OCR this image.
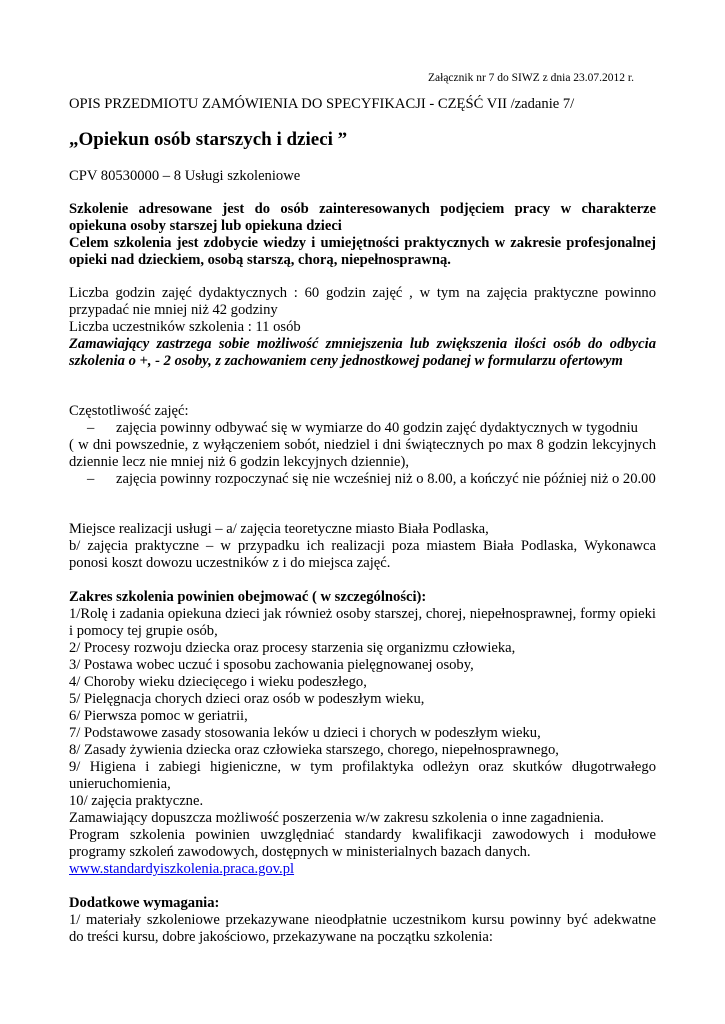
Załącznik nr 7 do SIWZ z dnia 23.07.2012 r.
OPIS PRZEDMIOTU ZAMÓWIENIA DO SPECYFIKACJI - CZĘŚĆ VII /zadanie 7/
„Opiekun osób starszych i dzieci ”
CPV 80530000 – 8 Usługi szkoleniowe
Szkolenie adresowane jest do osób zainteresowanych podjęciem pracy w charakterze
opiekuna osoby starszej lub opiekuna dzieci
Celem szkolenia jest zdobycie wiedzy i umiejętności praktycznych w zakresie profesjonalnej
opieki nad dzieckiem, osobą starszą, chorą, niepełnosprawną.
Liczba godzin zajęć dydaktycznych : 60 godzin zajęć , w tym na zajęcia praktyczne powinno
przypadać nie mniej niż 42 godziny
Liczba uczestników szkolenia : 11 osób
Zamawiający zastrzega sobie możliwość zmniejszenia lub zwiększenia ilości osób do odbycia
szkolenia o +, - 2 osoby, z zachowaniem ceny jednostkowej podanej w formularzu ofertowym
Częstotliwość zajęć:
– zajęcia powinny odbywać się w wymiarze do 40 godzin zajęć dydaktycznych w tygodniu
( w dni powszednie, z wyłączeniem sobót, niedziel i dni świątecznych po max 8 godzin lekcyjnych
dziennie lecz nie mniej niż 6 godzin lekcyjnych dziennie),
– zajęcia powinny rozpoczynać się nie wcześniej niż o 8.00, a kończyć nie później niż o 20.00
Miejsce realizacji usługi – a/ zajęcia teoretyczne miasto Biała Podlaska,
b/ zajęcia praktyczne – w przypadku ich realizacji poza miastem Biała Podlaska, Wykonawca
ponosi koszt dowozu uczestników z i do miejsca zajęć.
Zakres szkolenia powinien obejmować ( w szczególności):
1/Rolę i zadania opiekuna dzieci jak również osoby starszej, chorej, niepełnosprawnej, formy opieki
i pomocy tej grupie osób,
2/ Procesy rozwoju dziecka oraz procesy starzenia się organizmu człowieka,
3/ Postawa wobec uczuć i sposobu zachowania pielęgnowanej osoby,
4/ Choroby wieku dziecięcego i wieku podeszłego,
5/ Pielęgnacja chorych dzieci oraz osób w podeszłym wieku,
6/ Pierwsza pomoc w geriatrii,
7/ Podstawowe zasady stosowania leków u dzieci i chorych w podeszłym wieku,
8/ Zasady żywienia dziecka oraz człowieka starszego, chorego, niepełnosprawnego,
9/ Higiena i zabiegi higieniczne, w tym profilaktyka odleżyn oraz skutków długotrwałego
unieruchomienia,
10/ zajęcia praktyczne.
Zamawiający dopuszcza możliwość poszerzenia w/w zakresu szkolenia o inne zagadnienia.
Program szkolenia powinien uwzględniać standardy kwalifikacji zawodowych i modułowe
programy szkoleń zawodowych, dostępnych w ministerialnych bazach danych.
www.standardyiszkolenia.praca.gov.pl
Dodatkowe wymagania:
1/ materiały szkoleniowe przekazywane nieodpłatnie uczestnikom kursu powinny być adekwatne
do treści kursu, dobre jakościowo, przekazywane na początku szkolenia:
